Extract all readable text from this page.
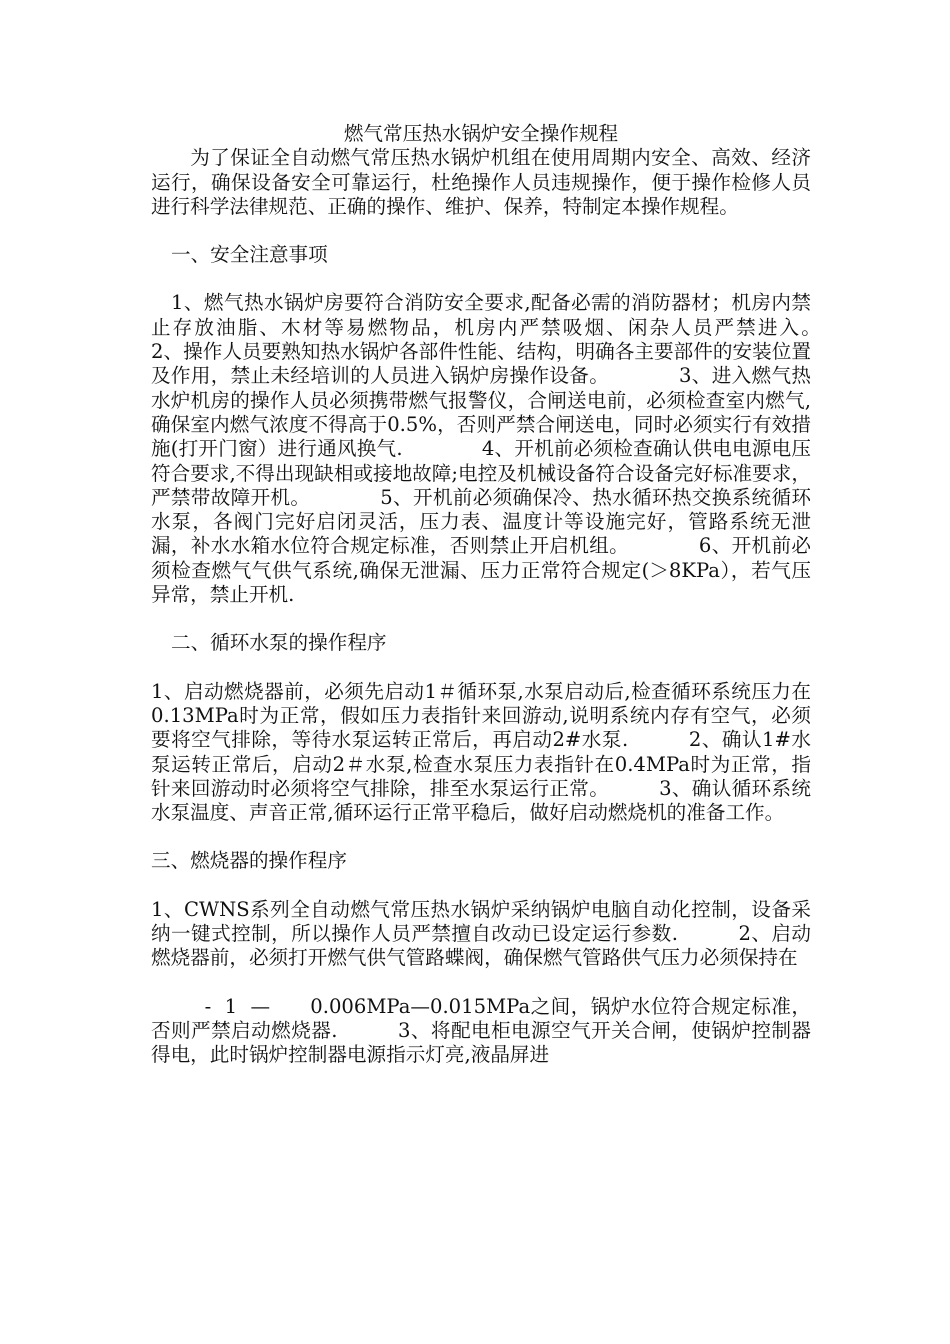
燃气常压热水锅炉安全操作规程

为了保证全自动燃气常压热水锅炉机组在使用周期内安全、高效、经济运行，确保设备安全可靠运行，杜绝操作人员违规操作，便于操作检修人员进行科学法律规范、正确的操作、维护、保养，特制定本操作规程。

一、安全注意事项

1、燃气热水锅炉房要符合消防安全要求,配备必需的消防器材；机房内禁止存放油脂、木材等易燃物品，机房内严禁吸烟、闲杂人员严禁进入。　　　　　　　2、操作人员要熟知热水锅炉各部件性能、结构，明确各主要部件的安装位置及作用，禁止未经培训的人员进入锅炉房操作设备。　　　　3、进入燃气热水炉机房的操作人员必须携带燃气报警仪，合闸送电前，必须检查室内燃气,确保室内燃气浓度不得高于0.5%，否则严禁合闸送电，同时必须实行有效措施(打开门窗）进行通风换气.　　　　4、开机前必须检查确认供电电源电压符合要求,不得出现缺相或接地故障;电控及机械设备符合设备完好标准要求，严禁带故障开机。　　　　5、开机前必须确保冷、热水循环热交换系统循环水泵，各阀门完好启闭灵活，压力表、温度计等设施完好，管路系统无泄漏，补水水箱水位符合规定标准，否则禁止开启机组。　　　　6、开机前必须检查燃气气供气系统,确保无泄漏、压力正常符合规定(＞8KPa），若气压异常，禁止开机.

二、循环水泵的操作程序

1、启动燃烧器前，必须先启动1＃循环泵,水泵启动后,检查循环系统压力在0.13MPa时为正常，假如压力表指针来回游动,说明系统内存有空气，必须要将空气排除，等待水泵运转正常后，再启动2#水泵.　　　2、确认1#水泵运转正常后，启动2＃水泵,检查水泵压力表指针在0.4MPa时为正常，指针来回游动时必须将空气排除，排至水泵运行正常。　　　3、确认循环系统水泵温度、声音正常,循环运行正常平稳后，做好启动燃烧机的准备工作。

三、燃烧器的操作程序

1、CWNS系列全自动燃气常压热水锅炉采纳锅炉电脑自动化控制，设备采纳一键式控制，所以操作人员严禁擅自改动已设定运行参数.　　　2、启动燃烧器前，必须打开燃气供气管路蝶阀，确保燃气管路供气压力必须保持在

-  1  —      0.006MPa—0.015MPa之间，锅炉水位符合规定标准，否则严禁启动燃烧器.　　　3、将配电柜电源空气开关合闸，使锅炉控制器得电，此时锅炉控制器电源指示灯亮,液晶屏进
